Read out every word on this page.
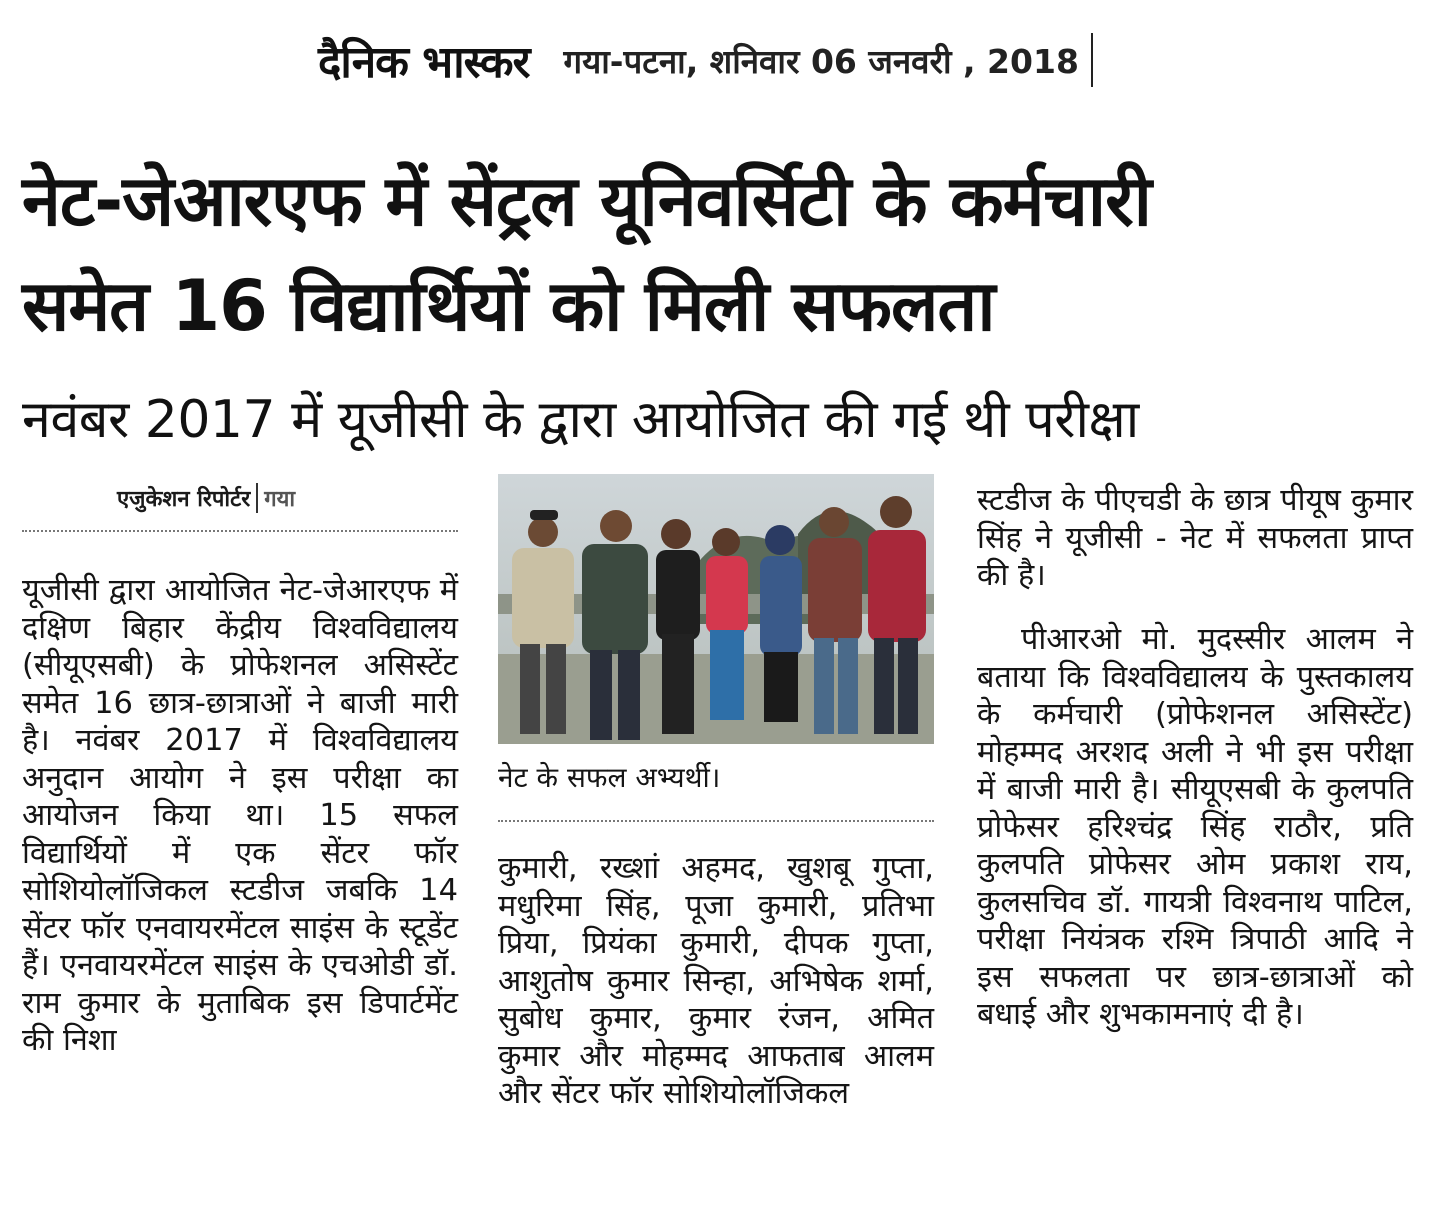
दैनिक भास्कर गया-पटना, शनिवार 06 जनवरी , 2018
नेट-जेआरएफ में सेंट्रल यूनिवर्सिटी के कर्मचारी
समेत 16 विद्यार्थियों को मिली सफलता
नवंबर 2017 में यूजीसी के द्वारा आयोजित की गई थी परीक्षा
एजुकेशन रिपोर्टर गया
यूजीसी द्वारा आयोजित नेट-जेआरएफ में दक्षिण बिहार केंद्रीय विश्वविद्यालय (सीयूएसबी) के प्रोफेशनल असिस्टेंट समेत 16 छात्र-छात्राओं ने बाजी मारी है। नवंबर 2017 में विश्वविद्यालय अनुदान आयोग ने इस परीक्षा का आयोजन किया था। 15 सफल विद्यार्थियों में एक सेंटर फॉर सोशियोलॉजिकल स्टडीज जबकि 14 सेंटर फॉर एनवायरमेंटल साइंस के स्टूडेंट हैं। एनवायरमेंटल साइंस के एचओडी डॉ. राम कुमार के मुताबिक इस डिपार्टमेंट की निशा
नेट के सफल अभ्यर्थी।
कुमारी, रख्शां अहमद, खुशबू गुप्ता, मधुरिमा सिंह, पूजा कुमारी, प्रतिभा प्रिया, प्रियंका कुमारी, दीपक गुप्ता, आशुतोष कुमार सिन्हा, अभिषेक शर्मा, सुबोध कुमार, कुमार रंजन, अमित कुमार और मोहम्मद आफताब आलम और सेंटर फॉर सोशियोलॉजिकल
स्टडीज के पीएचडी के छात्र पीयूष कुमार सिंह ने यूजीसी - नेट में सफलता प्राप्त की है।
पीआरओ मो. मुदस्सीर आलम ने बताया कि विश्वविद्यालय के पुस्तकालय के कर्मचारी (प्रोफेशनल असिस्टेंट) मोहम्मद अरशद अली ने भी इस परीक्षा में बाजी मारी है। सीयूएसबी के कुलपति प्रोफेसर हरिश्चंद्र सिंह राठौर, प्रति कुलपति प्रोफेसर ओम प्रकाश राय, कुलसचिव डॉ. गायत्री विश्वनाथ पाटिल, परीक्षा नियंत्रक रश्मि त्रिपाठी आदि ने इस सफलता पर छात्र-छात्राओं को बधाई और शुभकामनाएं दी है।
